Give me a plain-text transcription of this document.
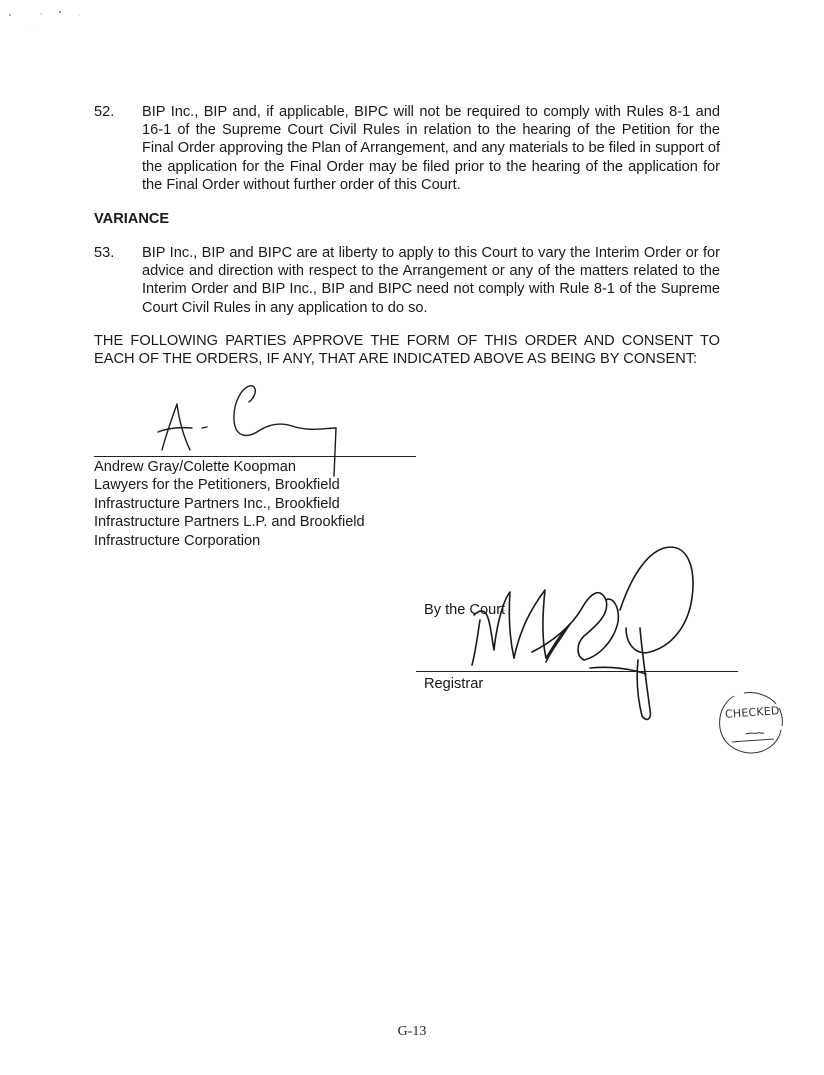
52. BIP Inc., BIP and, if applicable, BIPC will not be required to comply with Rules 8-1 and 16-1 of the Supreme Court Civil Rules in relation to the hearing of the Petition for the Final Order approving the Plan of Arrangement, and any materials to be filed in support of the application for the Final Order may be filed prior to the hearing of the application for the Final Order without further order of this Court.
VARIANCE
53. BIP Inc., BIP and BIPC are at liberty to apply to this Court to vary the Interim Order or for advice and direction with respect to the Arrangement or any of the matters related to the Interim Order and BIP Inc., BIP and BIPC need not comply with Rule 8-1 of the Supreme Court Civil Rules in any application to do so.
THE FOLLOWING PARTIES APPROVE THE FORM OF THIS ORDER AND CONSENT TO EACH OF THE ORDERS, IF ANY, THAT ARE INDICATED ABOVE AS BEING BY CONSENT:
Andrew Gray/Colette Koopman
Lawyers for the Petitioners, Brookfield
Infrastructure Partners Inc., Brookfield
Infrastructure Partners L.P. and Brookfield
Infrastructure Corporation
By the Court
Registrar
CHECKED
G-13
